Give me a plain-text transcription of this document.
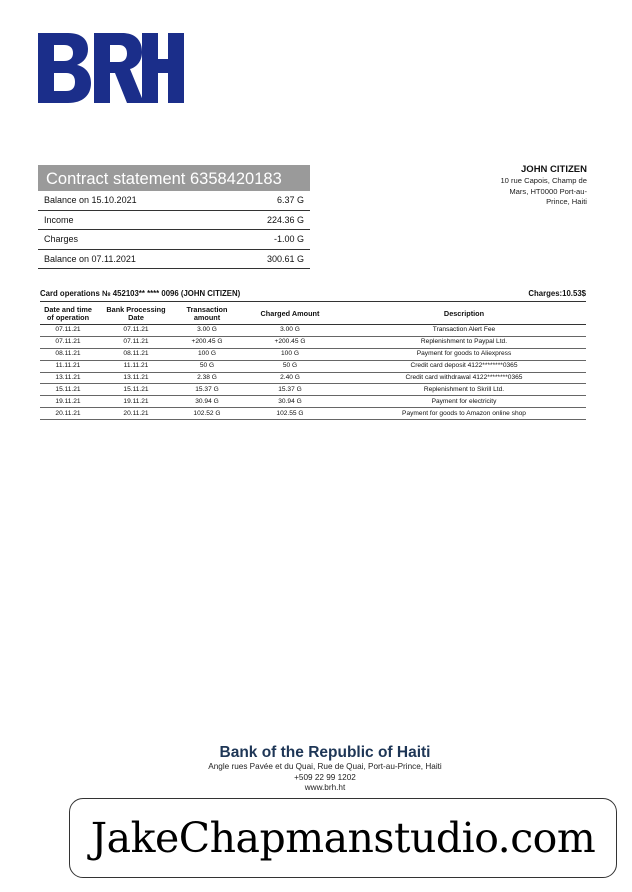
Contract statement 6358420183
Balance on 15.10.2021	6.37 G
Income	224.36 G
Charges	-1.00 G
Balance on 07.11.2021	300.61 G
JOHN CITIZEN
10 rue Capois, Champ de
Mars, HT0000 Port-au-
Prince, Haiti
Card operations № 452103** **** 0096 (JOHN CITIZEN)	Charges:10.53$
Date and time of operation	Bank Processing Date	Transaction amount	Charged Amount	Description
07.11.21	07.11.21	3.00 G	3.00 G	Transaction Alert Fee
07.11.21	07.11.21	+200.45 G	+200.45 G	Replenishment to Paypal Ltd.
08.11.21	08.11.21	100 G	100 G	Payment for goods to Aliexpress
11.11.21	11.11.21	50 G	50 G	Credit card deposit 4122********0365
13.11.21	13.11.21	2.38 G	2.40 G	Credit card withdrawal 4122********0365
15.11.21	15.11.21	15.37 G	15.37 G	Replenishment to Skrill Ltd.
19.11.21	19.11.21	30.94 G	30.94 G	Payment for electricity
20.11.21	20.11.21	102.52 G	102.55 G	Payment for goods to Amazon online shop
Bank of the Republic of Haiti
Angle rues Pavée et du Quai, Rue de Quai, Port-au-Prince, Haiti
+509 22 99 1202
www.brh.ht
JakeChapmanstudio.com
